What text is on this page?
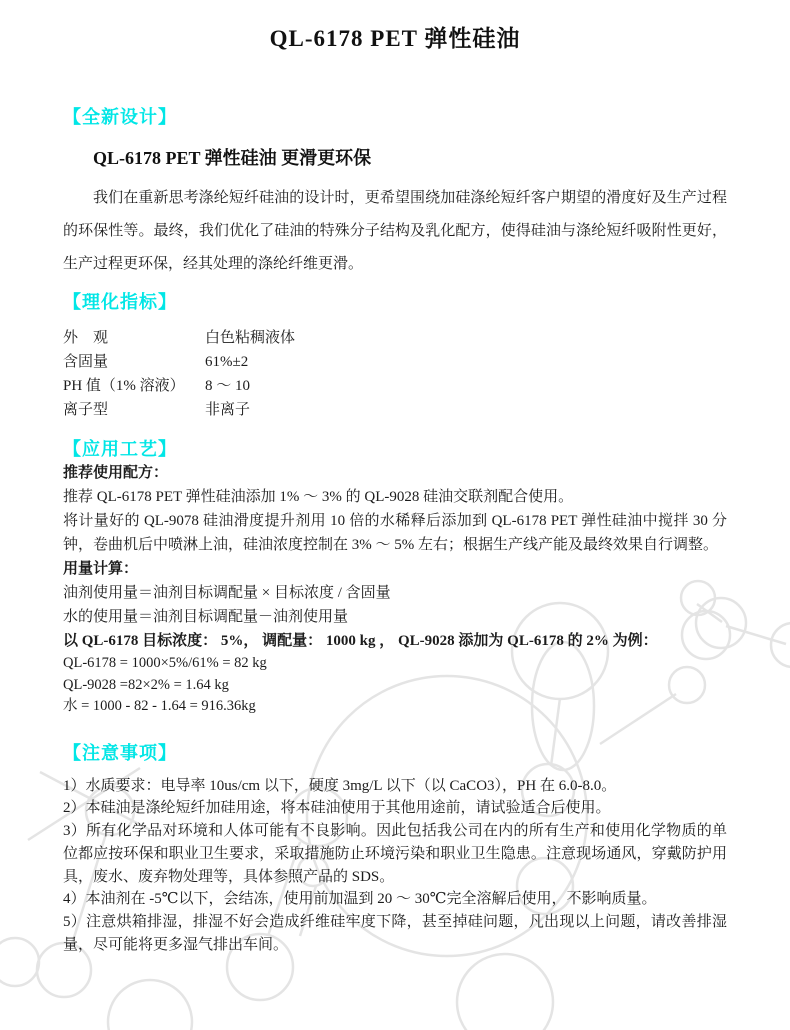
QL-6178 PET 弹性硅油
【全新设计】
QL-6178 PET 弹性硅油 更滑更环保

我们在重新思考涤纶短纤硅油的设计时，更希望围绕加硅涤纶短纤客户期望的滑度好及生产过程的环保性等。最终，我们优化了硅油的特殊分子结构及乳化配方，使得硅油与涤纶短纤吸附性更好，生产过程更环保，经其处理的涤纶纤维更滑。

【理化指标】
外　观	白色粘稠液体
含固量	61%±2
PH 值（1% 溶液）	8 ～ 10
离子型	非离子
【应用工艺】

推荐使用配方：

推荐 QL-6178 PET 弹性硅油添加 1% ～ 3% 的 QL-9028 硅油交联剂配合使用。

将计量好的 QL-9078 硅油滑度提升剂用 10 倍的水稀释后添加到 QL-6178 PET 弹性硅油中搅拌 30 分钟，卷曲机后中喷淋上油，硅油浓度控制在 3% ～ 5% 左右；根据生产线产能及最终效果自行调整。

用量计算：

油剂使用量＝油剂目标调配量 × 目标浓度 / 含固量

水的使用量＝油剂目标调配量－油剂使用量

以 QL-6178 目标浓度： 5%， 调配量： 1000 kg ， QL-9028 添加为 QL-6178 的 2% 为例：

QL-6178 = 1000×5%/61% = 82 kg

QL-9028 =82×2% = 1.64 kg

水 = 1000 - 82 - 1.64 = 916.36kg

【注意事项】

1）水质要求：电导率 10us/cm 以下，硬度 3mg/L 以下（以 CaCO3），PH 在 6.0-8.0。

2）本硅油是涤纶短纤加硅用途，将本硅油使用于其他用途前，请试验适合后使用。

3）所有化学品对环境和人体可能有不良影响。因此包括我公司在内的所有生产和使用化学物质的单位都应按环保和职业卫生要求，采取措施防止环境污染和职业卫生隐患。注意现场通风，穿戴防护用具，废水、废弃物处理等，具体参照产品的 SDS。

4）本油剂在 -5℃以下，会结冻，使用前加温到 20 ～ 30℃完全溶解后使用，不影响质量。

5）注意烘箱排湿，排湿不好会造成纤维硅牢度下降，甚至掉硅问题，凡出现以上问题，请改善排湿量，尽可能将更多湿气排出车间。
